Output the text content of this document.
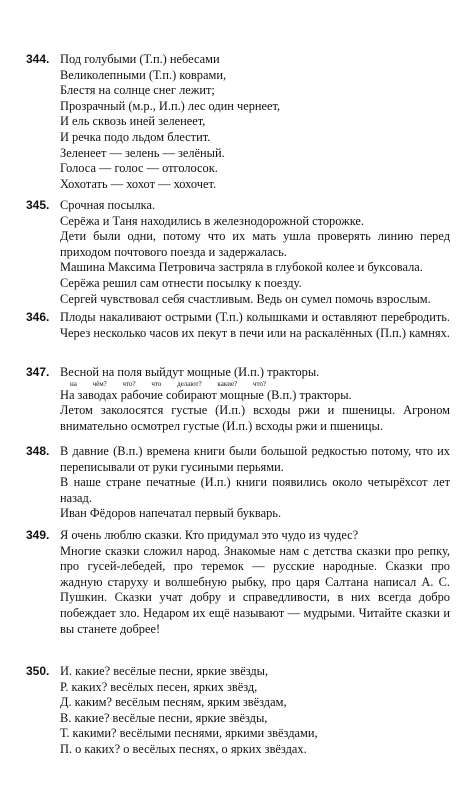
344. Под голубыми (Т.п.) небесами
Великолепными (Т.п.) коврами,
Блестя на солнце снег лежит;
Прозрачный (м.р., И.п.) лес один чернеет,
И ель сквозь иней зеленеет,
И речка подо льдом блестит.
Зеленеет — зелень — зелёный.
Голоса — голос — отголосок.
Хохотать — хохот — хохочет.
345. Срочная посылка.
Серёжа и Таня находились в железнодорожной сторожке.
Дети были одни, потому что их мать ушла проверять линию перед приходом почтового поезда и задержалась.
Машина Максима Петровича застряла в глубокой колее и буксовала.
Серёжа решил сам отнести посылку к поезду.
Сергей чувствовал себя счастливым. Ведь он сумел помочь взрослым.
346. Плоды накаливают острыми (Т.п.) колышками и оставляют перебродить. Через несколько часов их пекут в печи или на раскалённых (П.п.) камнях.
347. Весной на поля выйдут мощные (И.п.) тракторы.
на чём? что? что делают? какие? что?
На заводах рабочие собирают мощные (В.п.) тракторы.
Летом заколосятся густые (И.п.) всходы ржи и пшеницы. Агроном внимательно осмотрел густые (И.п.) всходы ржи и пшеницы.
348. В давние (В.п.) времена книги были большой редкостью потому, что их переписывали от руки гусиными перьями.
В наше стране печатные (И.п.) книги появились около четырёхсот лет назад.
Иван Фёдоров напечатал первый букварь.
349. Я очень люблю сказки. Кто придумал это чудо из чудес?
Многие сказки сложил народ. Знакомые нам с детства сказки про репку, про гусей-лебедей, про теремок — русские народные. Сказки про жадную старуху и волшебную рыбку, про царя Салтана написал А. С. Пушкин. Сказки учат добру и справедливости, в них всегда добро побеждает зло. Недаром их ещё называют — мудрыми. Читайте сказки и вы станете добрее!
350. И. какие? весёлые песни, яркие звёзды,
Р. каких? весёлых песен, ярких звёзд,
Д. каким? весёлым песням, ярким звёздам,
В. какие? весёлые песни, яркие звёзды,
Т. какими? весёлыми песнями, яркими звёздами,
П. о каких? о весёлых песнях, о ярких звёздах.
